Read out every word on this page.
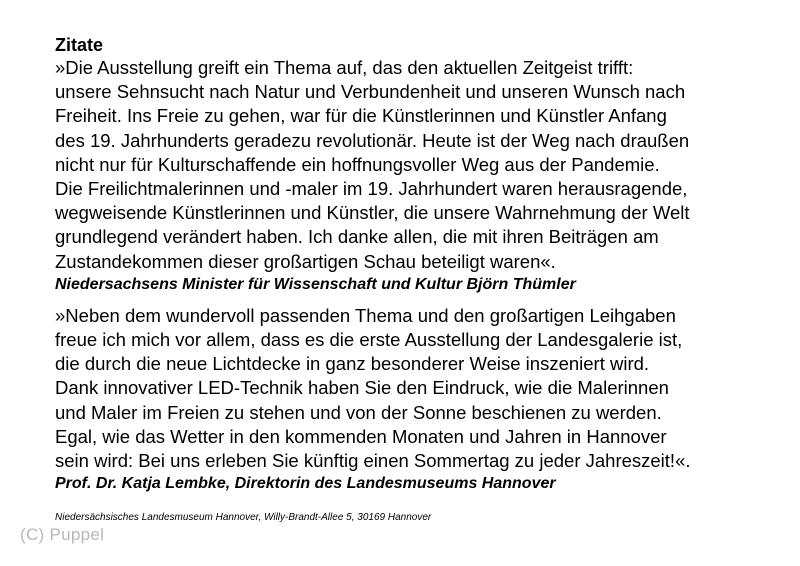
Zitate

»Die Ausstellung greift ein Thema auf, das den aktuellen Zeitgeist trifft:
unsere Sehnsucht nach Natur und Verbundenheit und unseren Wunsch nach
Freiheit. Ins Freie zu gehen, war für die Künstlerinnen und Künstler Anfang
des 19. Jahrhunderts geradezu revolutionär. Heute ist der Weg nach draußen
nicht nur für Kulturschaffende ein hoffnungsvoller Weg aus der Pandemie.
Die Freilichtmalerinnen und -maler im 19. Jahrhundert waren herausragende,
wegweisende Künstlerinnen und Künstler, die unsere Wahrnehmung der Welt
grundlegend verändert haben. Ich danke allen, die mit ihren Beiträgen am
Zustandekommen dieser großartigen Schau beteiligt waren«.

Niedersachsens Minister für Wissenschaft und Kultur Björn Thümler

»Neben dem wundervoll passenden Thema und den großartigen Leihgaben
freue ich mich vor allem, dass es die erste Ausstellung der Landesgalerie ist,
die durch die neue Lichtdecke in ganz besonderer Weise inszeniert wird.
Dank innovativer LED-Technik haben Sie den Eindruck, wie die Malerinnen
und Maler im Freien zu stehen und von der Sonne beschienen zu werden.
Egal, wie das Wetter in den kommenden Monaten und Jahren in Hannover
sein wird: Bei uns erleben Sie künftig einen Sommertag zu jeder Jahreszeit!«.

Prof. Dr. Katja Lembke, Direktorin des Landesmuseums Hannover

Niedersächsisches Landesmuseum Hannover, Willy-Brandt-Allee 5, 30169 Hannover
(C) Puppel
